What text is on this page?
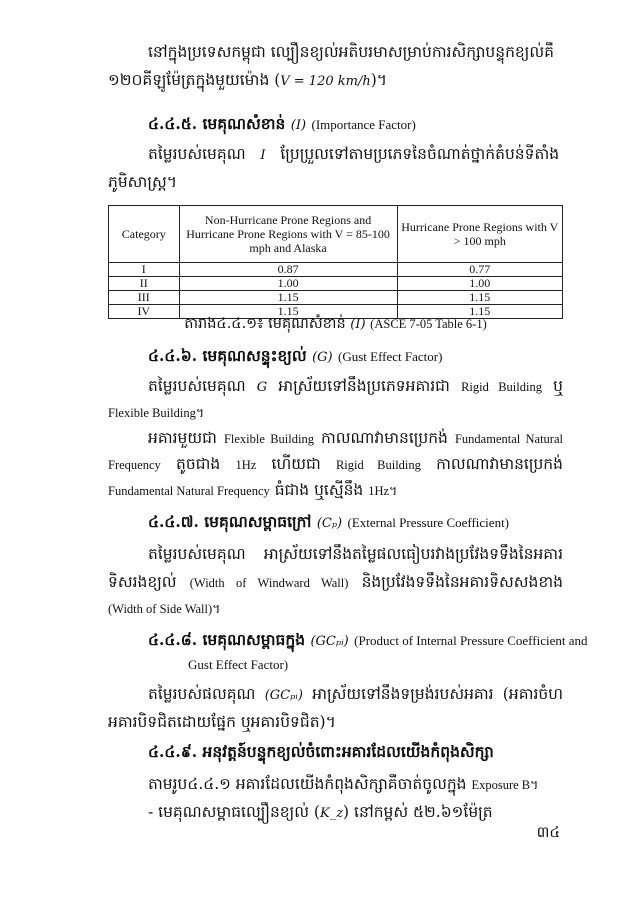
នៅក្នុងប្រទេសកម្ពុជា ល្បឿនខ្យល់អតិបរមាសម្រាប់ការសិក្សាបន្ទុកខ្យល់គឺ
១២០គីឡូម៉ែត្រក្នុងមួយម៉ោង (V = 120 km/h)។
៤.៤.៥. មេគុណសំខាន់ (I) (Importance Factor)
តម្លៃរបស់មេគុណ I ប្រែប្រួលទៅតាមប្រភេទនៃចំណាត់ថ្នាក់តំបន់ទីតាំង
ភូមិសាស្ត្រ។
Category	Non-Hurricane Prone Regions and Hurricane Prone Regions with V = 85-100 mph and Alaska	Hurricane Prone Regions with V > 100 mph
I	0.87	0.77
II	1.00	1.00
III	1.15	1.15
IV	1.15	1.15
តារាង៤.៤.១៖ មេគុណសំខាន់ (I) (ASCE 7-05 Table 6-1)
៤.៤.៦. មេគុណសន្ទុះខ្យល់ (G) (Gust Effect Factor)
តម្លៃរបស់មេគុណ G អាស្រ័យទៅនឹងប្រភេទអគារជា Rigid Building ឬ
Flexible Building។
អគារមួយជា Flexible Building កាលណាវាមានប្រេកង់ Fundamental Natural
Frequency តូចជាង 1Hz ហើយជា Rigid Building កាលណាវាមានប្រេកង់
Fundamental Natural Frequency ធំជាង ឬស្មើនឹង 1Hz។
៤.៤.៧. មេគុណសម្ពាធក្រៅ (Cₚ) (External Pressure Coefficient)
តម្លៃរបស់មេគុណ អាស្រ័យទៅនឹងតម្លៃផលធៀបរវាងប្រវែងទទឹងនៃអគារ
ទិសរងខ្យល់ (Width of Windward Wall) និងប្រវែងទទឹងនៃអគារទិសសងខាង
(Width of Side Wall)។
៤.៤.៨. មេគុណសម្ពាធក្នុង (GCₚᵢ) (Product of Internal Pressure Coefficient and
Gust Effect Factor)
តម្លៃរបស់ផលគុណ (GCₚᵢ) អាស្រ័យទៅនឹងទម្រង់របស់អគារ (អគារចំហ
អគារបិទជិតដោយផ្នែក ឬអគារបិទជិត)។
៤.៤.៩. អនុវត្តន៍បន្ទុកខ្យល់ចំពោះអគារដែលយើងកំពុងសិក្សា
តាមរូប៤.៤.១ អគារដែលយើងកំពុងសិក្សាគឺចាត់ចូលក្នុង Exposure B។
- មេគុណសម្ពាធល្បឿនខ្យល់ (K_z) នៅកម្ពស់ ៥២.៦១ម៉ែត្រ
៣៤
